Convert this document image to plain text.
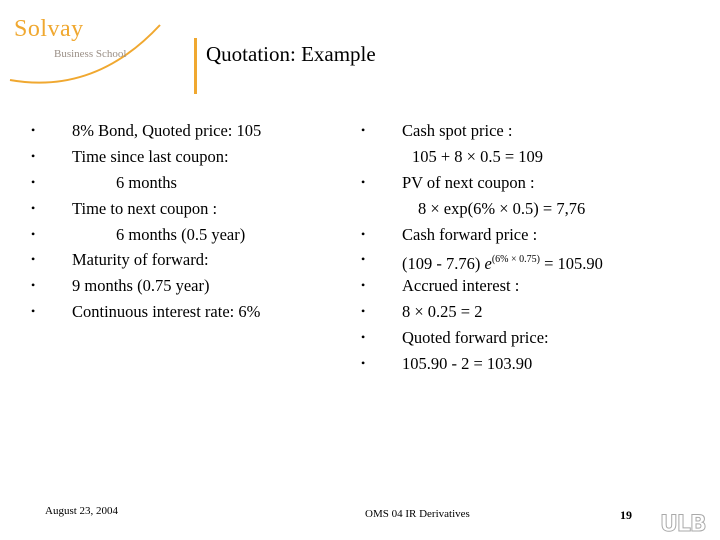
Solvay
Business School	Quotation: Example
• 8% Bond, Quoted price: 105
• Time since last coupon:
•	6 months
• Time to next coupon :
•	6 months (0.5 year)
• Maturity of forward:
• 9 months (0.75 year)
• Continuous interest rate: 6%
• Cash spot price :
105 + 8 × 0.5 = 109
• PV of next coupon :
8 × exp(6% × 0.5) = 7,76
• Cash forward price :
• (109 - 7.76) $e^{(6\% \times 0.75)} = 105.90$
• Accrued interest :
• 8 × 0.25 = 2
• Quoted forward price:
• 105.90 - 2 = 103.90
August 23, 2004	OMS 04 IR Derivatives	19 ULB
